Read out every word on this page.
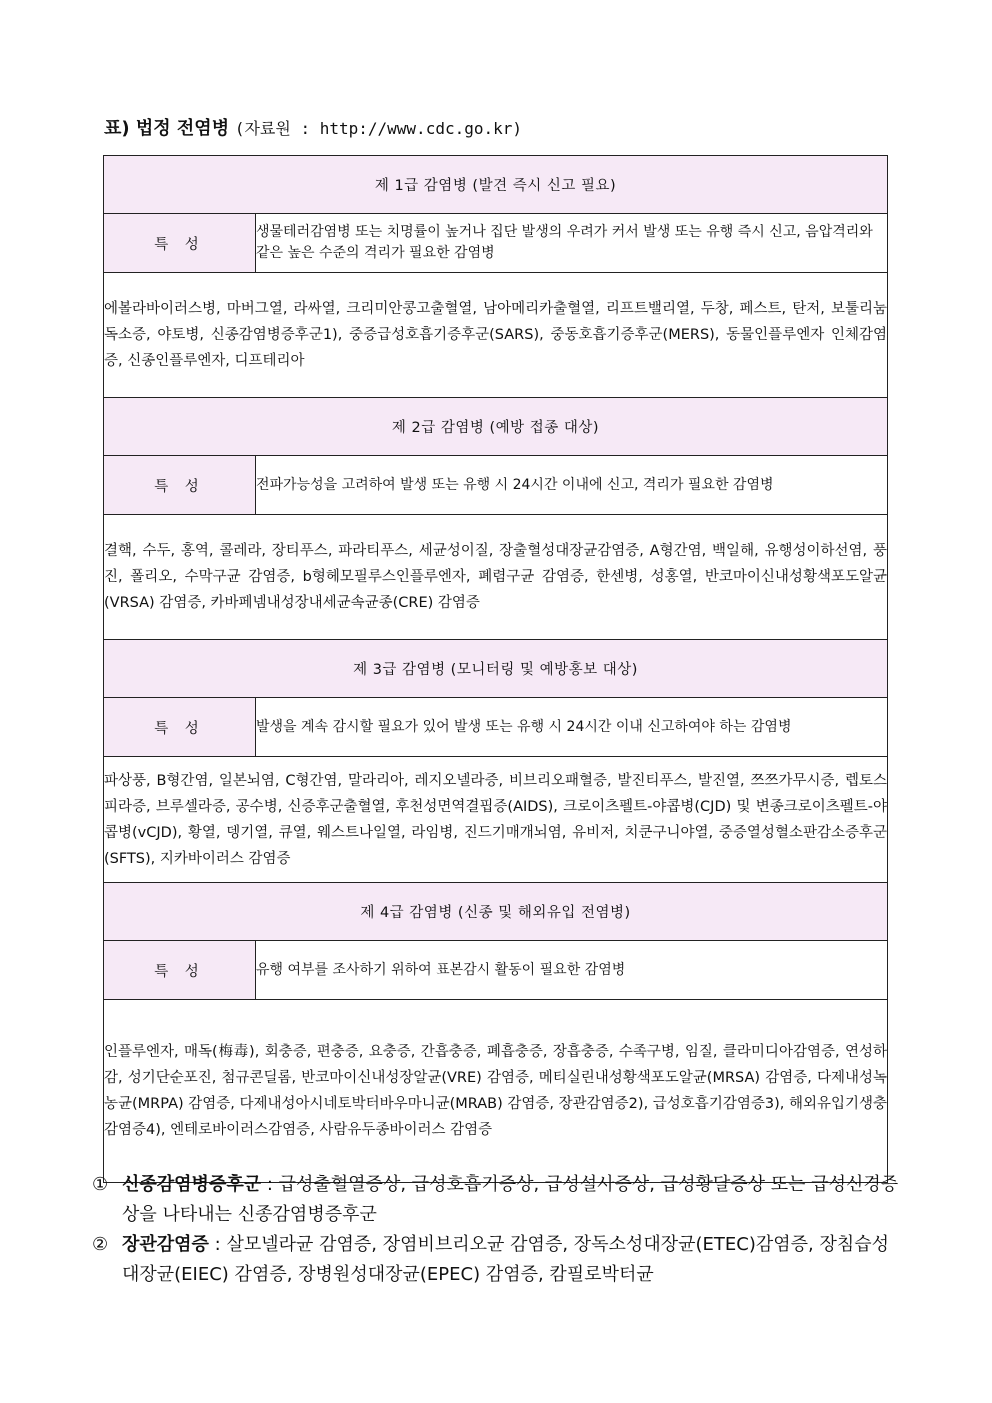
표) 법정 전염병 (자료원 : http://www.cdc.go.kr)
제 1급 감염병 (발견 즉시 신고 필요)	
특 성	생물테러감염병 또는 치명률이 높거나 집단 발생의 우려가 커서 발생 또는 유행 즉시 신고, 음압격리와 같은 높은 수준의 격리가 필요한 감염병
에볼라바이러스병, 마버그열, 라싸열, 크리미안콩고출혈열, 남아메리카출혈열, 리프트밸리열, 두창, 페스트, 탄저, 보툴리눔독소증, 야토병, 신종감염병증후군1), 중증급성호흡기증후군(SARS), 중동호흡기증후군(MERS), 동물인플루엔자 인체감염증, 신종인플루엔자, 디프테리아	
제 2급 감염병 (예방 접종 대상)	
특 성	전파가능성을 고려하여 발생 또는 유행 시 24시간 이내에 신고, 격리가 필요한 감염병
결핵, 수두, 홍역, 콜레라, 장티푸스, 파라티푸스, 세균성이질, 장출혈성대장균감염증, A형간염, 백일해, 유행성이하선염, 풍진, 폴리오, 수막구균 감염증, b형헤모필루스인플루엔자, 폐렴구균 감염증, 한센병, 성홍열, 반코마이신내성황색포도알균(VRSA) 감염증, 카바페넴내성장내세균속균종(CRE) 감염증	
제 3급 감염병 (모니터링 및 예방홍보 대상)	
특 성	발생을 계속 감시할 필요가 있어 발생 또는 유행 시 24시간 이내 신고하여야 하는 감염병
파상풍, B형간염, 일본뇌염, C형간염, 말라리아, 레지오넬라증, 비브리오패혈증, 발진티푸스, 발진열, 쯔쯔가무시증, 렙토스피라증, 브루셀라증, 공수병, 신증후군출혈열, 후천성면역결핍증(AIDS), 크로이츠펠트-야콥병(CJD) 및 변종크로이츠펠트-야콥병(vCJD), 황열, 뎅기열, 큐열, 웨스트나일열, 라임병, 진드기매개뇌염, 유비저, 치쿤구니야열, 중증열성혈소판감소증후군(SFTS), 지카바이러스 감염증	
제 4급 감염병 (신종 및 해외유입 전염병)	
특 성	유행 여부를 조사하기 위하여 표본감시 활동이 필요한 감염병
인플루엔자, 매독(梅毒), 회충증, 편충증, 요충증, 간흡충증, 폐흡충증, 장흡충증, 수족구병, 임질, 클라미디아감염증, 연성하감, 성기단순포진, 첨규콘딜롬, 반코마이신내성장알균(VRE) 감염증, 메티실린내성황색포도알균(MRSA) 감염증, 다제내성녹농균(MRPA) 감염증, 다제내성아시네토박터바우마니균(MRAB) 감염증, 장관감염증2), 급성호흡기감염증3), 해외유입기생충감염증4), 엔테로바이러스감염증, 사람유두종바이러스 감염증	
① 신종감염병증후군 : 급성출혈열증상, 급성호흡기증상, 급성설사증상, 급성황달증상 또는 급성신경증상을 나타내는 신종감염병증후군
② 장관감염증 : 살모넬라균 감염증, 장염비브리오균 감염증, 장독소성대장균(ETEC)감염증, 장침습성대장균(EIEC) 감염증, 장병원성대장균(EPEC) 감염증, 캄필로박터균
